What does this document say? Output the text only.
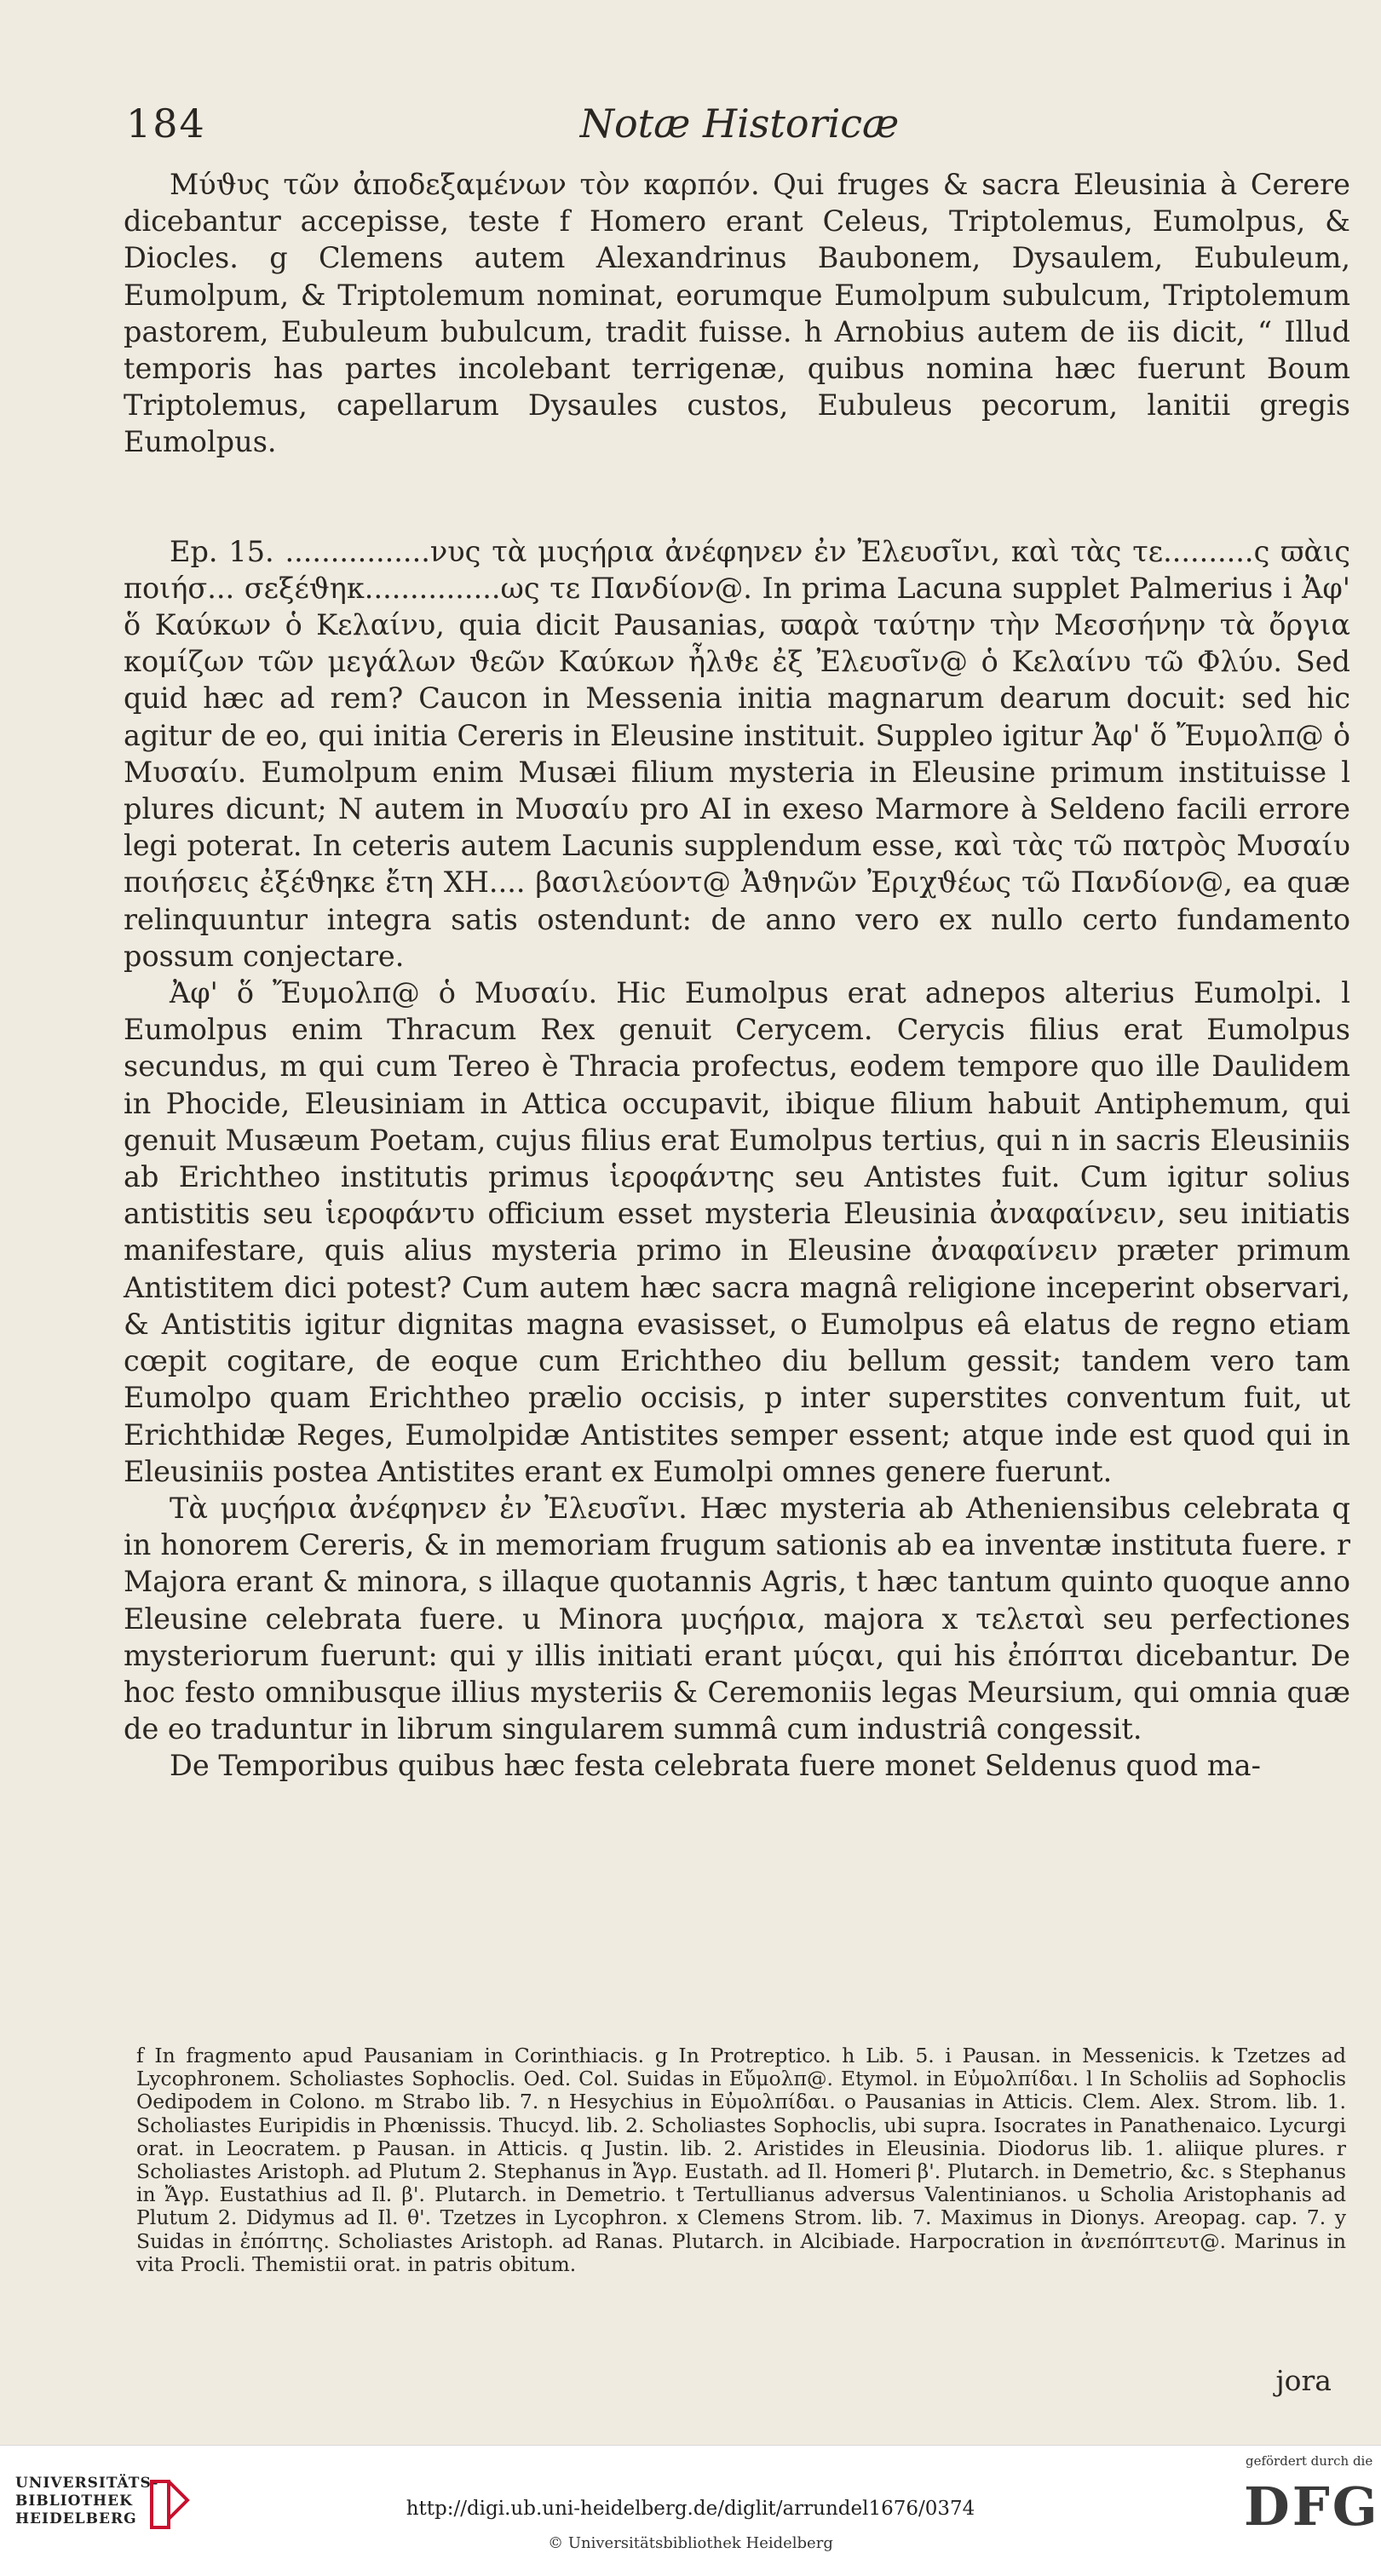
184	Notæ Historicæ

Μύϑυς τῶν ἀποδεξαμένων τὸν καρπόν. Qui fruges & sacra Eleusinia à Cerere dicebantur accepisse, teste f Homero erant Celeus, Triptolemus, Eumolpus, & Diocles. g Clemens autem Alexandrinus Baubonem, Dysaulem, Eubuleum, Eumolpum, & Triptolemum nominat, eorumque Eumolpum subulcum, Triptolemum pastorem, Eubuleum bubulcum, tradit fuisse. h Arnobius autem de iis dicit, “ Illud temporis has partes incolebant terrigenæ, quibus nomina hæc fuerunt Boum Triptolemus, capellarum Dysaules custos, Eubuleus pecorum, lanitii gregis Eumolpus.

Ep. 15. ................νυς τὰ μυςήρια ἀνέφηνεν ἐν Ἐλευσῖνι, καὶ τὰς τε..........ς ϖὰις ποιήσ... σεξέϑηκ...............ως τε Πανδίον@. In prima Lacuna supplet Palmerius i Ἀφ' ὅ Καύκων ὁ Κελαίνυ, quia dicit Pausanias, ϖαρὰ ταύτην τὴν Μεσσήνην τὰ ὄργια κομίζων τῶν μεγάλων ϑεῶν Καύκων ἦλϑε ἐξ Ἐλευσῖν@ ὁ Κελαίνυ τῶ Φλύυ. Sed quid hæc ad rem? Caucon in Messenia initia magnarum dearum docuit: sed hic agitur de eo, qui initia Cereris in Eleusine instituit. Suppleo igitur Ἀφ' ὅ Ἔυμολπ@ ὁ Μυσαίυ. Eumolpum enim Musæi filium mysteria in Eleusine primum instituisse l plures dicunt; N autem in Μυσαίυ pro AI in exeso Marmore à Seldeno facili errore legi poterat. In ceteris autem Lacunis supplendum esse, καὶ τὰς τῶ πατρὸς Μυσαίυ ποιήσεις ἐξέϑηκε ἔτη ΧΗ.... βασιλεύοντ@ Ἀϑηνῶν Ἐριχϑέως τῶ Πανδίον@, ea quæ relinquuntur integra satis ostendunt: de anno vero ex nullo certo fundamento possum conjectare.

Ἀφ' ὅ Ἔυμολπ@ ὁ Μυσαίυ. Hic Eumolpus erat adnepos alterius Eumolpi. l Eumolpus enim Thracum Rex genuit Cerycem. Cerycis filius erat Eumolpus secundus, m qui cum Tereo è Thracia profectus, eodem tempore quo ille Daulidem in Phocide, Eleusiniam in Attica occupavit, ibique filium habuit Antiphemum, qui genuit Musæum Poetam, cujus filius erat Eumolpus tertius, qui n in sacris Eleusiniis ab Erichtheo institutis primus ἱεροφάντης seu Antistes fuit. Cum igitur solius antistitis seu ἱεροφάντυ officium esset mysteria Eleusinia ἀναφαίνειν, seu initiatis manifestare, quis alius mysteria primo in Eleusine ἀναφαίνειν præter primum Antistitem dici potest? Cum autem hæc sacra magnâ religione inceperint observari, & Antistitis igitur dignitas magna evasisset, o Eumolpus eâ elatus de regno etiam cœpit cogitare, de eoque cum Erichtheo diu bellum gessit; tandem vero tam Eumolpo quam Erichtheo prælio occisis, p inter superstites conventum fuit, ut Erichthidæ Reges, Eumolpidæ Antistites semper essent; atque inde est quod qui in Eleusiniis postea Antistites erant ex Eumolpi omnes genere fuerunt.

Τὰ μυςήρια ἀνέφηνεν ἐν Ἐλευσῖνι. Hæc mysteria ab Atheniensibus celebrata q in honorem Cereris, & in memoriam frugum sationis ab ea inventæ instituta fuere. r Majora erant & minora, s illaque quotannis Agris, t hæc tantum quinto quoque anno Eleusine celebrata fuere. u Minora μυςήρια, majora x τελεταὶ seu perfectiones mysteriorum fuerunt: qui y illis initiati erant μύςαι, qui his ἐπόπται dicebantur. De hoc festo omnibusque illius mysteriis & Ceremoniis legas Meursium, qui omnia quæ de eo traduntur in librum singularem summâ cum industriâ congessit.

De Temporibus quibus hæc festa celebrata fuere monet Seldenus quod ma-

f In fragmento apud Pausaniam in Corinthiacis. g In Protreptico. h Lib. 5. i Pausan. in Messenicis. k Tzetzes ad Lycophronem. Scholiastes Sophoclis. Oed. Col. Suidas in Εὔμολπ@. Etymol. in Εὐμολπίδαι. l In Scholiis ad Sophoclis Oedipodem in Colono. m Strabo lib. 7. n Hesychius in Εὐμολπίδαι. o Pausanias in Atticis. Clem. Alex. Strom. lib. 1. Scholiastes Euripidis in Phœnissis. Thucyd. lib. 2. Scholiastes Sophoclis, ubi supra. Isocrates in Panathenaico. Lycurgi orat. in Leocratem. p Pausan. in Atticis. q Justin. lib. 2. Aristides in Eleusinia. Diodorus lib. 1. aliique plures. r Scholiastes Aristoph. ad Plutum 2. Stephanus in Ἄγρ. Eustath. ad Il. Homeri β'. Plutarch. in Demetrio, &c. s Stephanus in Ἄγρ. Eustathius ad Il. β'. Plutarch. in Demetrio. t Tertullianus adversus Valentinianos. u Scholia Aristophanis ad Plutum 2. Didymus ad Il. θ'. Tzetzes in Lycophron. x Clemens Strom. lib. 7. Maximus in Dionys. Areopag. cap. 7. y Suidas in ἐπόπτης. Scholiastes Aristoph. ad Ranas. Plutarch. in Alcibiade. Harpocration in ἀνεπόπτευτ@. Marinus in vita Procli. Themistii orat. in patris obitum.

jora
UNIVERSITÄTS-
BIBLIOTHEK
HEIDELBERG	http://digi.ub.uni-heidelberg.de/diglit/arrundel1676/0374
© Universitätsbibliothek Heidelberg
gefördert durch die
DFG
